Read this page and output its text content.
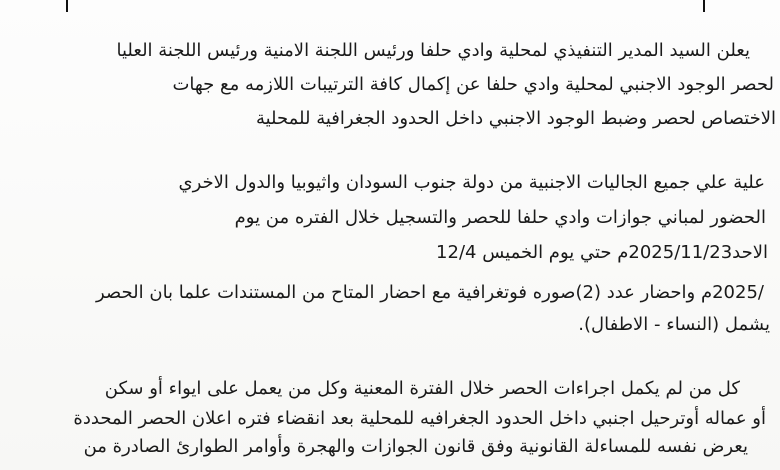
يعلن السيد المدير التنفيذي لمحلية وادي حلفا ورئيس اللجنة الامنية ورئيس اللجنة العليا
لحصر الوجود الاجنبي لمحلية وادي حلفا عن إكمال كافة الترتيبات اللازمه مع جهات
الاختصاص لحصر وضبط الوجود الاجنبي داخل الحدود الجغرافية للمحلية
علية علي جميع الجاليات الاجنبية من دولة جنوب السودان واثيوبيا والدول الاخري
الحضور لمباني جوازات وادي حلفا للحصر والتسجيل خلال الفتره من يوم
الاحد2025/11/23م حتي يوم الخميس 12/4
/2025م واحضار عدد (2)صوره فوتغرافية مع احضار المتاح من المستندات علما بان الحصر
يشمل (النساء - الاطفال).
كل من لم يكمل اجراءات الحصر خلال الفترة المعنية وكل من يعمل على ايواء أو سكن
أو عماله أوترحيل اجنبي داخل الحدود الجغرافيه للمحلية بعد انقضاء فتره اعلان الحصر المحددة
يعرض نفسه للمساءلة القانونية وفق قانون الجوازات والهجرة وأوامر الطوارئ الصادرة من
